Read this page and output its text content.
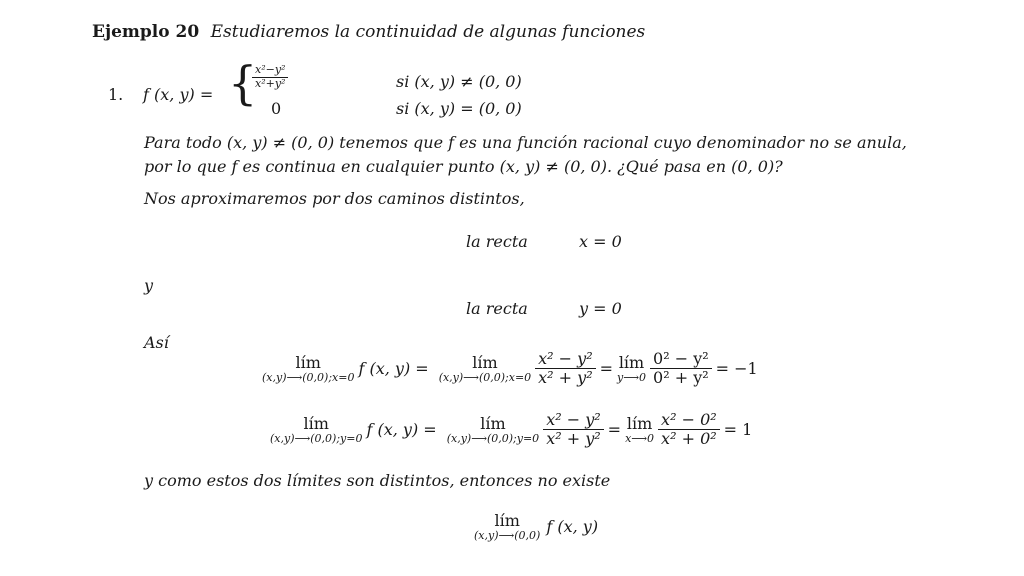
Ejemplo 20 Estudiaremos la continuidad de algunas funciones
1. f (x, y) = {
$\frac{\text{x²−y²}}{\text{x²+y²}}$	si (x, y) ≠ (0, 0)
0	si (x, y) = (0, 0)
Para todo (x, y) ≠ (0, 0) tenemos que f es una función racional cuyo denominador no se anula,
por lo que f es continua en cualquier punto (x, y) ≠ (0, 0). ¿Qué pasa en (0, 0)?
Nos aproximaremos por dos caminos distintos,
la recta	x = 0
y
la recta	y = 0
Así
lím
(x,y)⟶(0,0);x=0 f (x, y) =	lím
(x,y)⟶(0,0);x=0 $\frac{\text{x² − y²}}{\text{x² + y²}}$ = lím
y⟶0 $\frac{\text{0² − y²}}{\text{0² + y²}} = -1$
lím
(x,y)⟶(0,0);y=0 f (x, y) =	lím
(x,y)⟶(0,0);y=0 $\frac{\text{x² − y²}}{\text{x² + y²}}$ = lím
x⟶0 $\frac{\text{x² − 0²}}{\text{x² + 0²}} = 1$
y como estos dos límites son distintos, entonces no existe
lím
(x,y)⟶(0,0) f (x, y)
